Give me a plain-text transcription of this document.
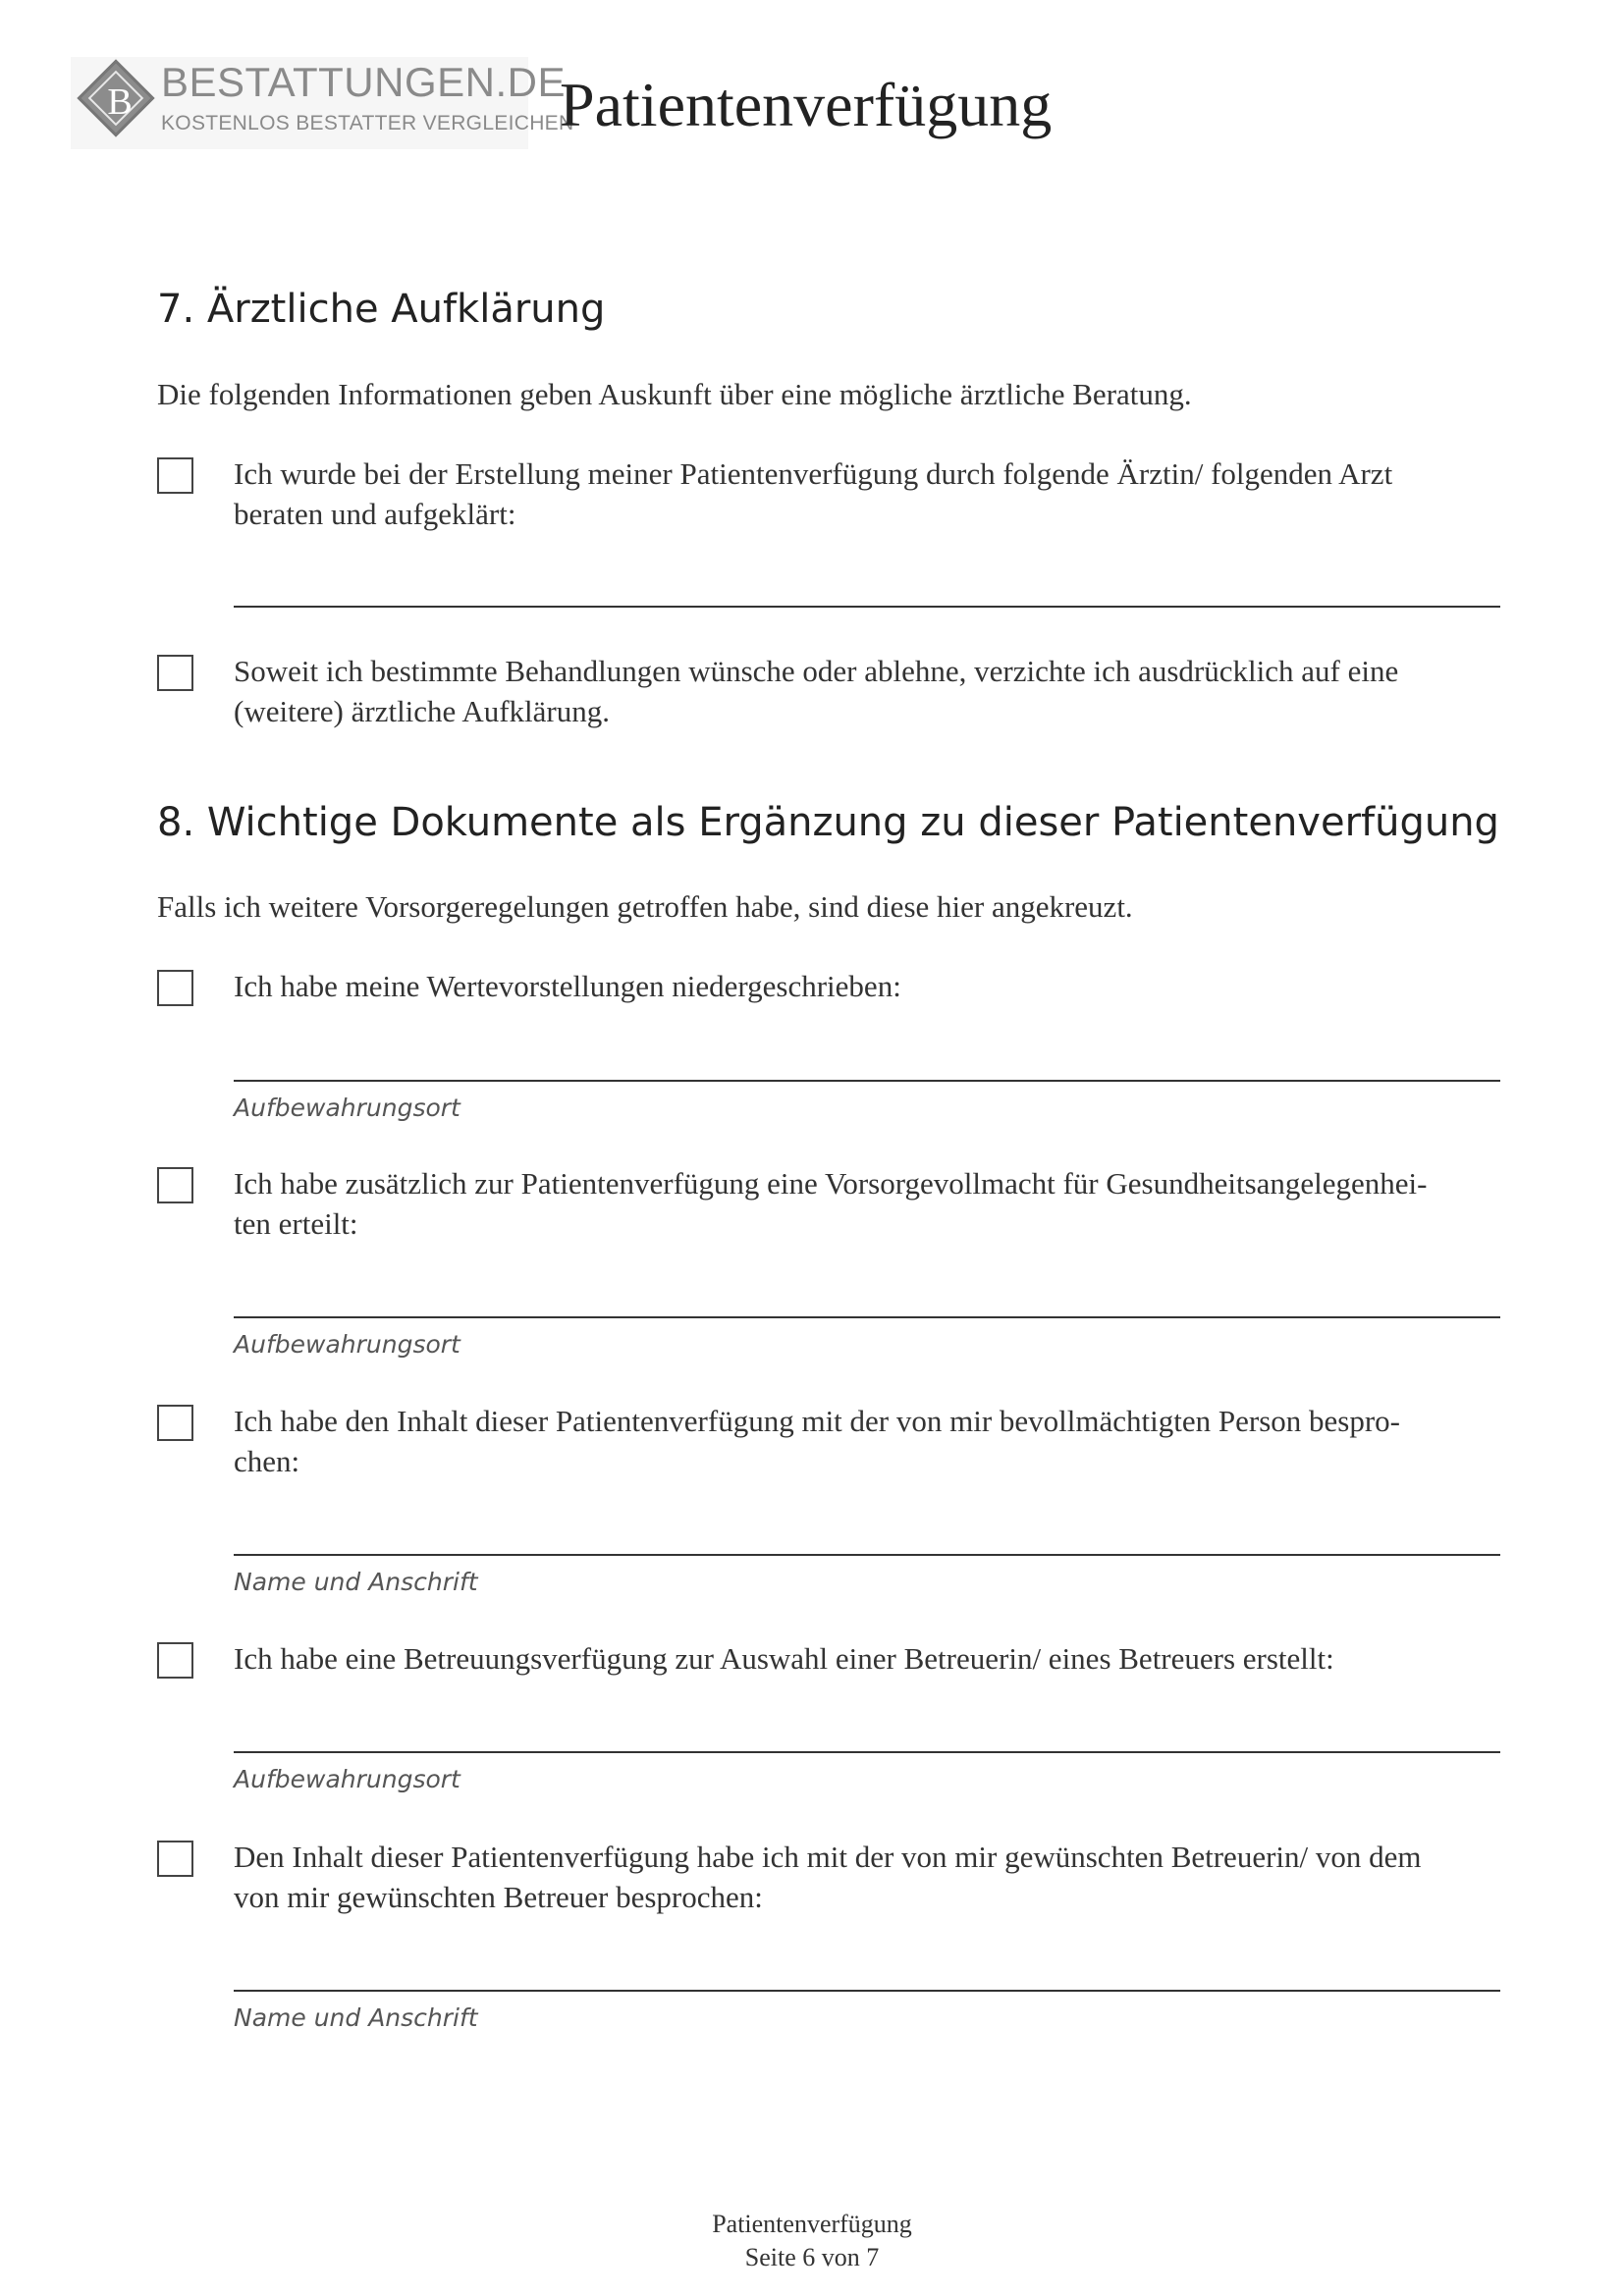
B BESTATTUNGEN.DE
KOSTENLOS BESTATTER VERGLEICHEN
Patientenverfügung
7. Ärztliche Aufklärung
Die folgenden Informationen geben Auskunft über eine mögliche ärztliche Beratung.
Ich wurde bei der Erstellung meiner Patientenverfügung durch folgende Ärztin/ folgenden Arzt
beraten und aufgeklärt:
Soweit ich bestimmte Behandlungen wünsche oder ablehne, verzichte ich ausdrücklich auf eine
(weitere) ärztliche Aufklärung.
8. Wichtige Dokumente als Ergänzung zu dieser Patientenverfügung
Falls ich weitere Vorsorgeregelungen getroffen habe, sind diese hier angekreuzt.
Ich habe meine Wertevorstellungen niedergeschrieben:
Aufbewahrungsort
Ich habe zusätzlich zur Patientenverfügung eine Vorsorgevollmacht für Gesundheitsangelegenhei-
ten erteilt:
Aufbewahrungsort
Ich habe den Inhalt dieser Patientenverfügung mit der von mir bevollmächtigten Person bespro-
chen:
Name und Anschrift
Ich habe eine Betreuungsverfügung zur Auswahl einer Betreuerin/ eines Betreuers erstellt:
Aufbewahrungsort
Den Inhalt dieser Patientenverfügung habe ich mit der von mir gewünschten Betreuerin/ von dem
von mir gewünschten Betreuer besprochen:
Name und Anschrift
Patientenverfügung
Seite 6 von 7
